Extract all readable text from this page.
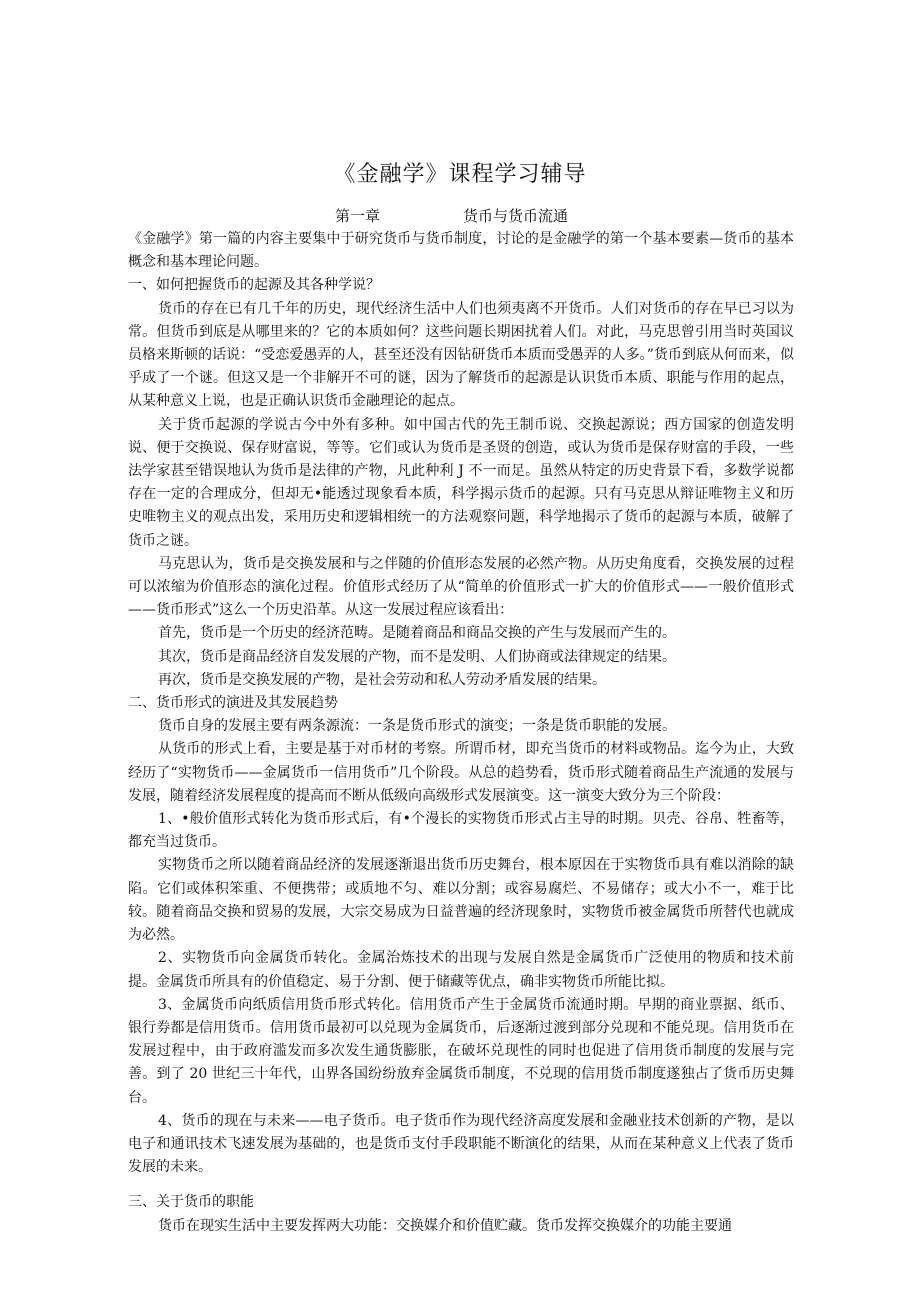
《金融学》课程学习辅导
第一章	货币与货币流通

《金融学》第一篇的内容主要集中于研究货币与货币制度，讨论的是金融学的第一个基本要素—货币的基本概念和基本理论问题。

一、如何把握货币的起源及其各种学说？

货币的存在已有几千年的历史，现代经济生活中人们也须夷离不开货币。人们对货币的存在早已习以为常。但货币到底是从哪里来的？它的本质如何？这些问题长期困扰着人们。对此，马克思曾引用当时英国议员格来斯顿的话说：“受恋爱愚弄的人，甚至还没有因钻研货币本质而受愚弄的人多。”货币到底从何而来，似乎成了一个谜。但这又是一个非解开不可的谜，因为了解货币的起源是认识货币本质、职能与作用的起点，从某种意义上说，也是正确认识货币金融理论的起点。

关于货币起源的学说古今中外有多种。如中国古代的先王制币说、交换起源说；西方国家的创造发明说、便于交换说、保存财富说，等等。它们或认为货币是圣贤的创造，或认为货币是保存财富的手段，一些法学家甚至错误地认为货币是法律的产物，凡此种利 J 不一而足。虽然从特定的历史背景下看，多数学说都存在一定的合理成分，但却无•能透过现象看本质，科学揭示货币的起源。只有马克思从辩证唯物主义和历史唯物主义的观点出发，采用历史和逻辑相统一的方法观察问题，科学地揭示了货币的起源与本质，破解了货币之谜。

马克思认为，货币是交换发展和与之伴随的价值形态发展的必然产物。从历史角度看，交换发展的过程可以浓缩为价值形态的演化过程。价值形式经历了从“简单的价值形式一扩大的价值形式——一般价值形式——货币形式”这么一个历史沿革。从这一发展过程应该看出：

首先，货币是一个历史的经济范畴。是随着商品和商品交换的产生与发展而产生的。

其次，货币是商品经济自发发展的产物，而不是发明、人们协商或法律规定的结果。

再次，货币是交换发展的产物，是社会劳动和私人劳动矛盾发展的结果。

二、货币形式的演进及其发展趋势

货币自身的发展主要有两条源流：一条是货币形式的演变；一条是货币职能的发展。

从货币的形式上看，主要是基于对币材的考察。所谓币材，即充当货币的材料或物品。迄今为止，大致经历了“实物货币——金属货币一信用货币”几个阶段。从总的趋势看，货币形式随着商品生产流通的发展与发展，随着经济发展程度的提高而不断从低级向高级形式发展演变。这一演变大致分为三个阶段：

1、•般价值形式转化为货币形式后，有•个漫长的实物货币形式占主导的时期。贝壳、谷帛、牲畜等，都充当过货币。

实物货币之所以随着商品经济的发展逐渐退出货币历史舞台，根本原因在于实物货币具有难以消除的缺陷。它们或体积笨重、不便携带；或质地不匀、难以分割；或容易腐烂、不易储存；或大小不一，难于比较。随着商品交换和贸易的发展，大宗交易成为日益普遍的经济现象时，实物货币被金属货币所替代也就成为必然。

2、实物货币向金属货币转化。金属治炼技术的出现与发展自然是金属货币广泛使用的物质和技术前提。金属货币所具有的价值稳定、易于分割、便于储藏等优点，确非实物货币所能比拟。

3、金属货币向纸质信用货币形式转化。信用货币产生于金属货币流通时期。早期的商业票据、纸币、银行券都是信用货币。信用货币最初可以兑现为金属货币，后逐渐过渡到部分兑现和不能兑现。信用货币在发展过程中，由于政府滥发而多次发生通货膨胀，在破坏兑现性的同时也促进了信用货币制度的发展与完善。到了 20 世纪三十年代，山界各国纷纷放弃金属货币制度，不兑现的信用货币制度遂独占了货币历史舞台。

4、货币的现在与未来——电子货币。电子货币作为现代经济高度发展和金融业技术创新的产物，是以电子和通讯技术飞速发展为基础的，也是货币支付手段职能不断演化的结果，从而在某种意义上代表了货币发展的未来。

三、关于货币的职能

货币在现实生活中主要发挥两大功能：交换媒介和价值贮藏。货币发挥交换媒介的功能主要通
